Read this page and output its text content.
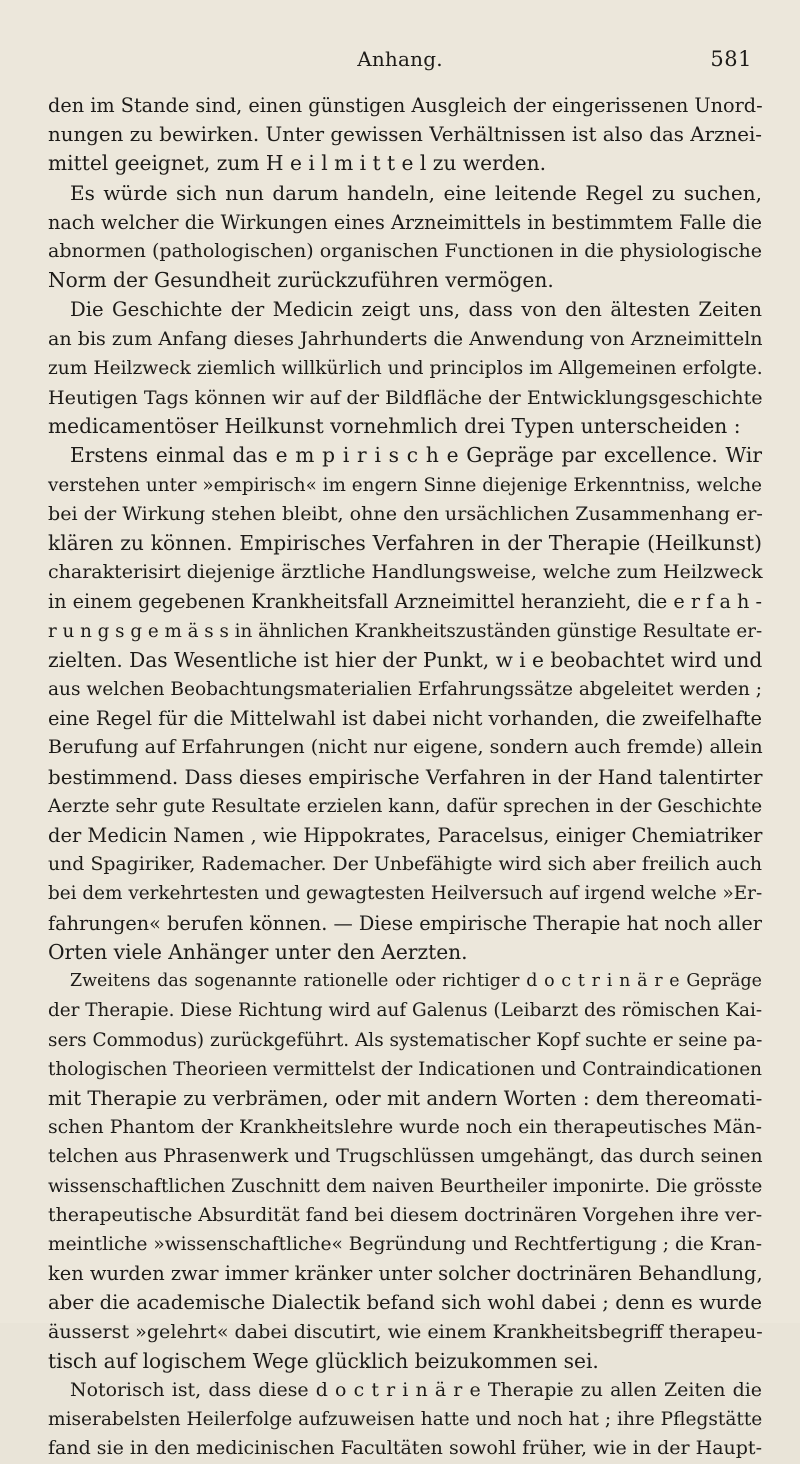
Anhang.	581

den im Stande sind, einen günstigen Ausgleich der eingerissenen Unord-
nungen zu bewirken. Unter gewissen Verhältnissen ist also das Arznei-
mittel geeignet, zum H e i l m i t t e l zu werden.

Es würde sich nun darum handeln, eine leitende Regel zu suchen,
nach welcher die Wirkungen eines Arzneimittels in bestimmtem Falle die
abnormen (pathologischen) organischen Functionen in die physiologische
Norm der Gesundheit zurückzuführen vermögen.

Die Geschichte der Medicin zeigt uns, dass von den ältesten Zeiten
an bis zum Anfang dieses Jahrhunderts die Anwendung von Arzneimitteln
zum Heilzweck ziemlich willkürlich und principlos im Allgemeinen erfolgte.
Heutigen Tags können wir auf der Bildfläche der Entwicklungsgeschichte
medicamentöser Heilkunst vornehmlich drei Typen unterscheiden :

Erstens einmal das e m p i r i s c h e Gepräge par excellence. Wir
verstehen unter »empirisch« im engern Sinne diejenige Erkenntniss, welche
bei der Wirkung stehen bleibt, ohne den ursächlichen Zusammenhang er-
klären zu können. Empirisches Verfahren in der Therapie (Heilkunst)
charakterisirt diejenige ärztliche Handlungsweise, welche zum Heilzweck
in einem gegebenen Krankheitsfall Arzneimittel heranzieht, die e r f a h -
r u n g s g e m ä s s in ähnlichen Krankheitszuständen günstige Resultate er-
zielten. Das Wesentliche ist hier der Punkt, w i e beobachtet wird und
aus welchen Beobachtungsmaterialien Erfahrungssätze abgeleitet werden ;
eine Regel für die Mittelwahl ist dabei nicht vorhanden, die zweifelhafte
Berufung auf Erfahrungen (nicht nur eigene, sondern auch fremde) allein
bestimmend. Dass dieses empirische Verfahren in der Hand talentirter
Aerzte sehr gute Resultate erzielen kann, dafür sprechen in der Geschichte
der Medicin Namen , wie Hippokrates, Paracelsus, einiger Chemiatriker
und Spagiriker, Rademacher. Der Unbefähigte wird sich aber freilich auch
bei dem verkehrtesten und gewagtesten Heilversuch auf irgend welche »Er-
fahrungen« berufen können. — Diese empirische Therapie hat noch aller
Orten viele Anhänger unter den Aerzten.

Zweitens das sogenannte rationelle oder richtiger d o c t r i n ä r e Gepräge
der Therapie. Diese Richtung wird auf Galenus (Leibarzt des römischen Kai-
sers Commodus) zurückgeführt. Als systematischer Kopf suchte er seine pa-
thologischen Theorieen vermittelst der Indicationen und Contraindicationen
mit Therapie zu verbrämen, oder mit andern Worten : dem thereomati-
schen Phantom der Krankheitslehre wurde noch ein therapeutisches Män-
telchen aus Phrasenwerk und Trugschlüssen umgehängt, das durch seinen
wissenschaftlichen Zuschnitt dem naiven Beurtheiler imponirte. Die grösste
therapeutische Absurdität fand bei diesem doctrinären Vorgehen ihre ver-
meintliche »wissenschaftliche« Begründung und Rechtfertigung ; die Kran-
ken wurden zwar immer kränker unter solcher doctrinären Behandlung,
aber die academische Dialectik befand sich wohl dabei ; denn es wurde
äusserst »gelehrt« dabei discutirt, wie einem Krankheitsbegriff therapeu-
tisch auf logischem Wege glücklich beizukommen sei.

Notorisch ist, dass diese d o c t r i n ä r e Therapie zu allen Zeiten die
miserabelsten Heilerfolge aufzuweisen hatte und noch hat ; ihre Pflegstätte
fand sie in den medicinischen Facultäten sowohl früher, wie in der Haupt-
